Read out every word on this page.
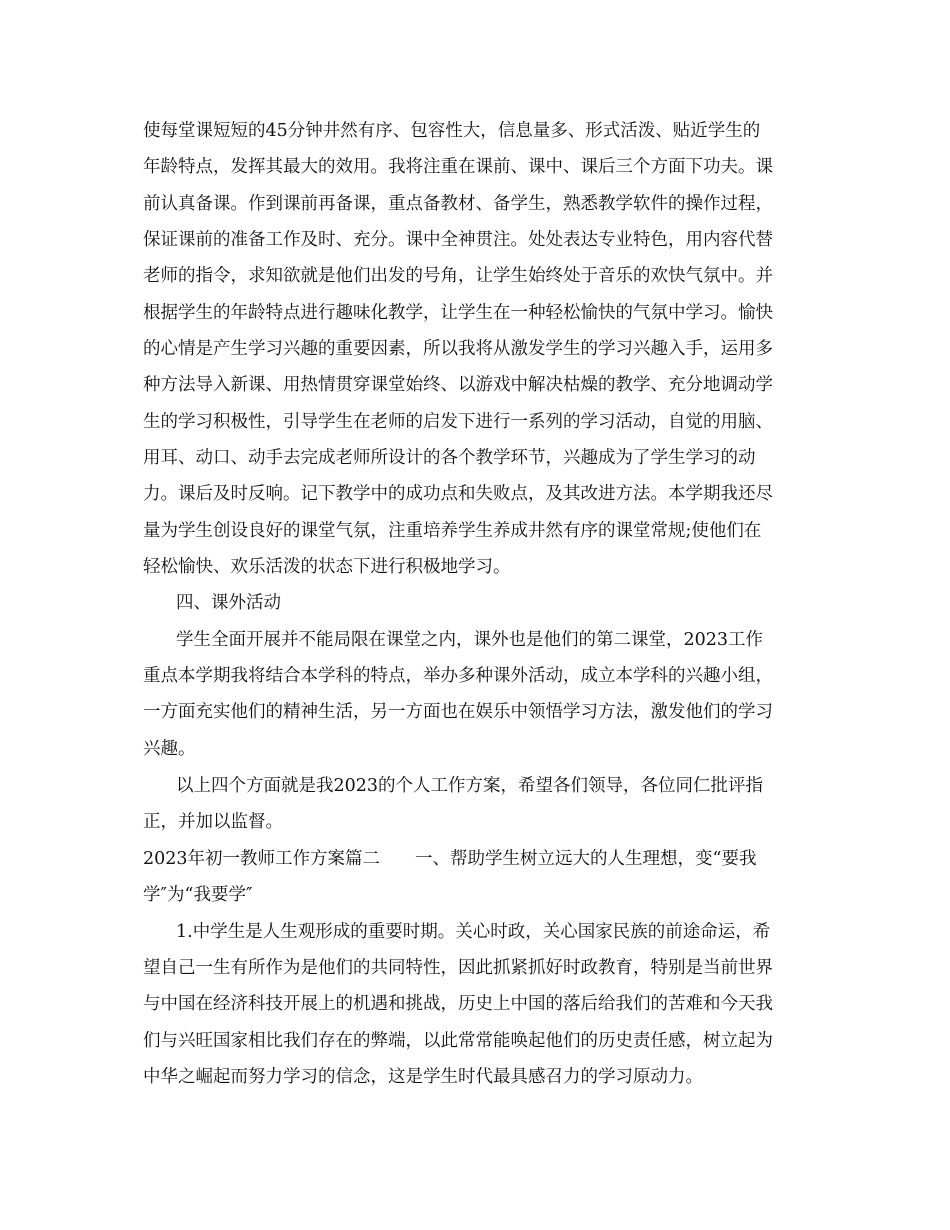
使每堂课短短的45分钟井然有序、包容性大，信息量多、形式活泼、贴近学生的
年龄特点，发挥其最大的效用。我将注重在课前、课中、课后三个方面下功夫。课
前认真备课。作到课前再备课，重点备教材、备学生，熟悉教学软件的操作过程，
保证课前的准备工作及时、充分。课中全神贯注。处处表达专业特色，用内容代替
老师的指令，求知欲就是他们出发的号角，让学生始终处于音乐的欢快气氛中。并
根据学生的年龄特点进行趣味化教学，让学生在一种轻松愉快的气氛中学习。愉快
的心情是产生学习兴趣的重要因素，所以我将从激发学生的学习兴趣入手，运用多
种方法导入新课、用热情贯穿课堂始终、以游戏中解决枯燥的教学、充分地调动学
生的学习积极性，引导学生在老师的启发下进行一系列的学习活动，自觉的用脑、
用耳、动口、动手去完成老师所设计的各个教学环节，兴趣成为了学生学习的动
力。课后及时反响。记下教学中的成功点和失败点，及其改进方法。本学期我还尽
量为学生创设良好的课堂气氛，注重培养学生养成井然有序的课堂常规;使他们在
轻松愉快、欢乐活泼的状态下进行积极地学习。
四、课外活动
学生全面开展并不能局限在课堂之内，课外也是他们的第二课堂，2023工作
重点本学期我将结合本学科的特点，举办多种课外活动，成立本学科的兴趣小组，
一方面充实他们的精神生活，另一方面也在娱乐中领悟学习方法，激发他们的学习
兴趣。
以上四个方面就是我2023的个人工作方案，希望各们领导，各位同仁批评指
正，并加以监督。
2023年初一教师工作方案篇二　　一、帮助学生树立远大的人生理想，变“要我
学″为“我要学″
1.中学生是人生观形成的重要时期。关心时政，关心国家民族的前途命运，希
望自己一生有所作为是他们的共同特性，因此抓紧抓好时政教育，特别是当前世界
与中国在经济科技开展上的机遇和挑战，历史上中国的落后给我们的苦难和今天我
们与兴旺国家相比我们存在的弊端，以此常常能唤起他们的历史责任感，树立起为
中华之崛起而努力学习的信念，这是学生时代最具感召力的学习原动力。
